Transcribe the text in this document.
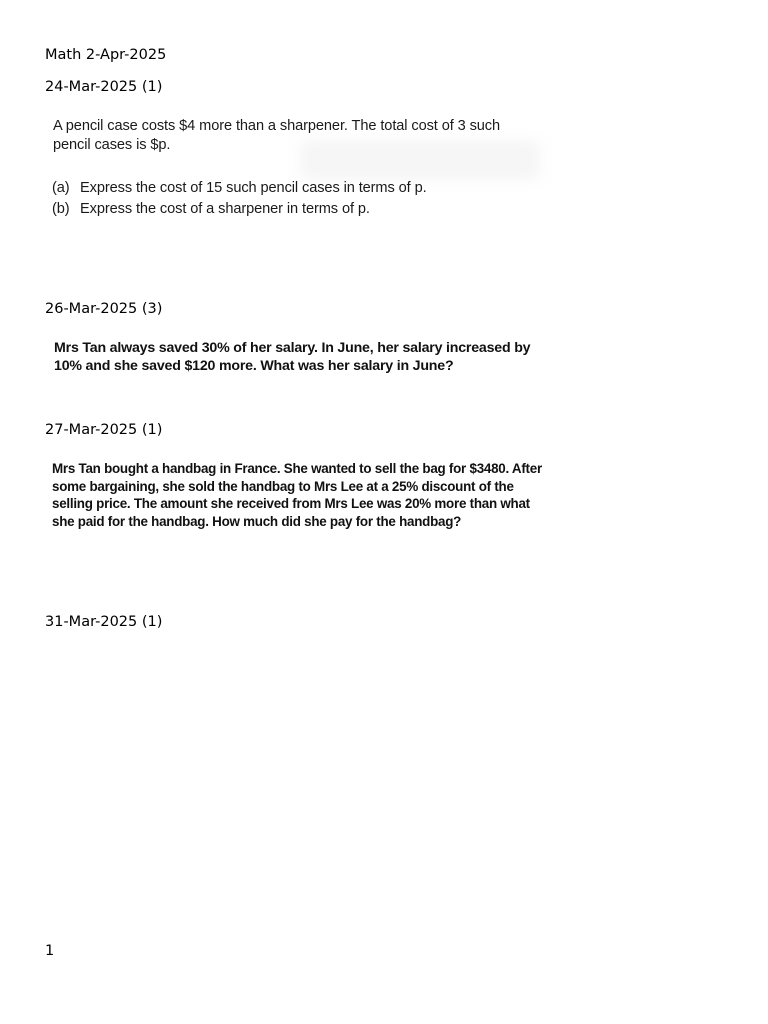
Math 2-Apr-2025
24-Mar-2025 (1)
A pencil case costs $4 more than a sharpener. The total cost of 3 such
pencil cases is $p.
(a) Express the cost of 15 such pencil cases in terms of p.
(b) Express the cost of a sharpener in terms of p.
26-Mar-2025 (3)
Mrs Tan always saved 30% of her salary. In June, her salary increased by
10% and she saved $120 more. What was her salary in June?
27-Mar-2025 (1)
Mrs Tan bought a handbag in France. She wanted to sell the bag for $3480. After
some bargaining, she sold the handbag to Mrs Lee at a 25% discount of the
selling price. The amount she received from Mrs Lee was 20% more than what
she paid for the handbag. How much did she pay for the handbag?
31-Mar-2025 (1)
1
